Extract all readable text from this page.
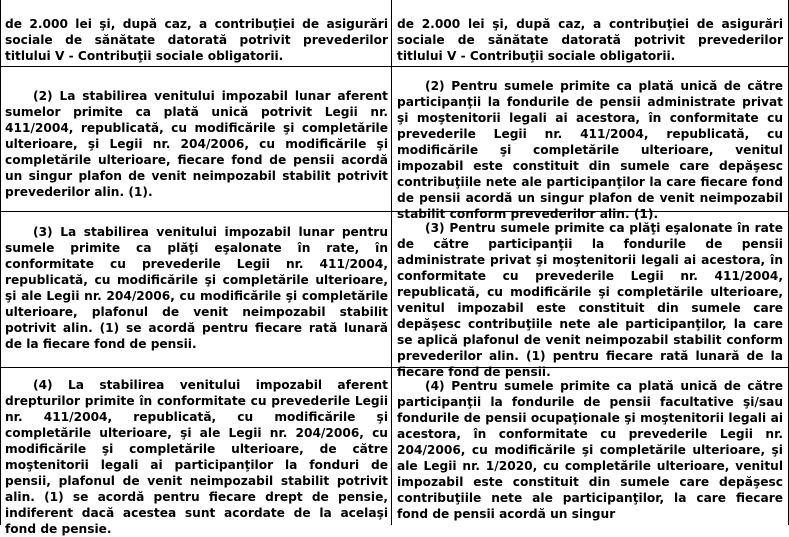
de 2.000 lei şi, după caz, a contribuţiei de asigurări sociale de sănătate datorată potrivit prevederilor titlului V - Contribuţii sociale obligatorii.

(2) La stabilirea venitului impozabil lunar aferent sumelor primite ca plată unică potrivit Legii nr. 411/2004, republicată, cu modificările şi completările ulterioare, şi Legii nr. 204/2006, cu modificările şi completările ulterioare, fiecare fond de pensii acordă un singur plafon de venit neimpozabil stabilit potrivit prevederilor alin. (1).

(3) La stabilirea venitului impozabil lunar pentru sumele primite ca plăţi eşalonate în rate, în conformitate cu prevederile Legii nr. 411/2004, republicată, cu modificările şi completările ulterioare, şi ale Legii nr. 204/2006, cu modificările şi completările ulterioare, plafonul de venit neimpozabil stabilit potrivit alin. (1) se acordă pentru fiecare rată lunară de la fiecare fond de pensii.

(4) La stabilirea venitului impozabil aferent drepturilor primite în conformitate cu prevederile Legii nr. 411/2004, republicată, cu modificările şi completările ulterioare, şi ale Legii nr. 204/2006, cu modificările şi completările ulterioare, de către moştenitorii legali ai participanţilor la fonduri de pensii, plafonul de venit neimpozabil stabilit potrivit alin. (1) se acordă pentru fiecare drept de pensie, indiferent dacă acestea sunt acordate de la acelaşi fond de pensie.

de 2.000 lei şi, după caz, a contribuţiei de asigurări sociale de sănătate datorată potrivit prevederilor titlului V - Contribuţii sociale obligatorii.

(2) Pentru sumele primite ca plată unică de către participanţii la fondurile de pensii administrate privat şi moştenitorii legali ai acestora, în conformitate cu prevederile Legii nr. 411/2004, republicată, cu modificările şi completările ulterioare, venitul impozabil este constituit din sumele care depăşesc contribuţiile nete ale participanţilor la care fiecare fond de pensii acordă un singur plafon de venit neimpozabil stabilit conform prevederilor alin. (1).

(3) Pentru sumele primite ca plăţi eşalonate în rate de către participanţii la fondurile de pensii administrate privat şi moştenitorii legali ai acestora, în conformitate cu prevederile Legii nr. 411/2004, republicată, cu modificările şi completările ulterioare, venitul impozabil este constituit din sumele care depăşesc contribuţiile nete ale participanţilor, la care se aplică plafonul de venit neimpozabil stabilit conform prevederilor alin. (1) pentru fiecare rată lunară de la fiecare fond de pensii.

(4) Pentru sumele primite ca plată unică de către participanţii la fondurile de pensii facultative şi/sau fondurile de pensii ocupaţionale şi moştenitorii legali ai acestora, în conformitate cu prevederile Legii nr. 204/2006, cu modificările şi completările ulterioare, şi ale Legii nr. 1/2020, cu completările ulterioare, venitul impozabil este constituit din sumele care depăşesc contribuţiile nete ale participanţilor, la care fiecare fond de pensii acordă un singur
